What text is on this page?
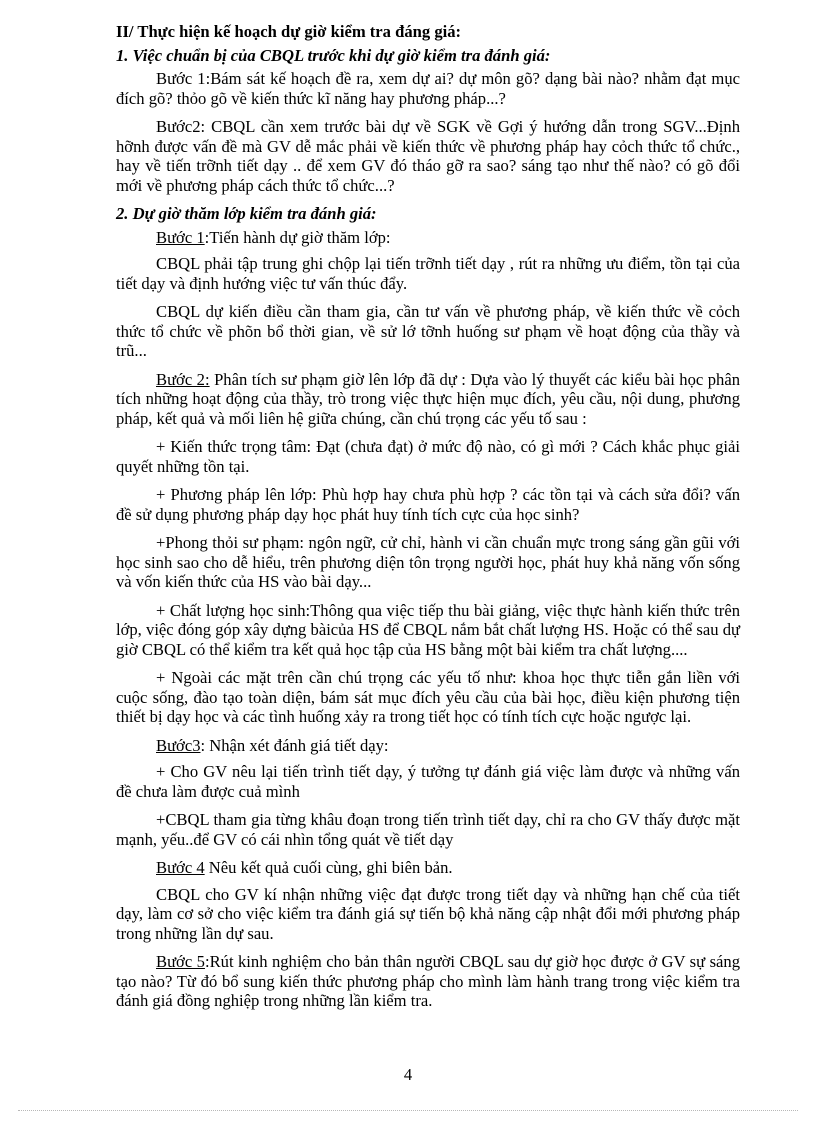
II/ Thực hiện kế hoạch dự giờ kiểm tra đáng giá:
1. Việc chuẩn bị của CBQL trước khi dự giờ kiểm tra đánh giá:

Bước 1:Bám sát kế hoạch đề ra, xem dự ai? dự môn gõ? dạng bài nào? nhằm đạt mục đích gõ? thỏo gõ về kiến thức kĩ năng hay phương pháp...?

Bước2: CBQL cần xem trước bài dự về SGK về Gợi ý hướng dẫn trong SGV...Định hỡnh được vấn đề mà GV dễ mắc phải về kiến thức về phương pháp hay cỏch thức tổ chức., hay về tiến trỡnh tiết dạy .. để xem GV đó tháo gỡ ra sao? sáng tạo như thế nào? có gõ đổi mới về phương pháp cách thức tổ chức...?

2. Dự giờ thăm lớp kiểm tra đánh giá:

Bước 1:Tiến hành dự giờ thăm lớp:

CBQL phải tập trung ghi chộp lại tiến trỡnh tiết dạy , rút ra những ưu điểm, tồn tại của tiết dạy và định hướng việc tư vấn thúc đẩy.

CBQL dự kiến điều cần tham gia, cần tư vấn về phương pháp, về kiến thức về cỏch thức tổ chức về phõn bổ thời gian, về sử lớ tỡnh huống sư phạm về hoạt động của thầy và trũ...

Bước 2: Phân tích sư phạm giờ lên lớp đã dự : Dựa vào lý thuyết các kiểu bài học phân tích những hoạt động của thầy, trò trong việc thực hiện mục đích, yêu cầu, nội dung, phương pháp, kết quả và mối liên hệ giữa chúng, cần chú trọng các yếu tố sau :

+ Kiến thức trọng tâm: Đạt (chưa đạt) ở mức độ nào, có gì mới ? Cách khắc phục giải quyết những tồn tại.

+ Phương pháp lên lớp: Phù hợp hay chưa phù hợp ? các tồn tại và cách sửa đổi? vấn đề sử dụng phương pháp dạy học phát huy tính tích cực của học sinh?

+Phong thỏi sư phạm: ngôn ngữ, cử chỉ, hành vi cần chuẩn mực trong sáng gần gũi với học sinh sao cho dễ hiểu, trên phương diện tôn trọng người học, phát huy khả năng vốn sống và vốn kiến thức của HS vào bài dạy...

+ Chất lượng học sinh:Thông qua việc tiếp thu bài giảng, việc thực hành kiến thức trên lớp, việc đóng góp xây dựng bàicủa HS để CBQL nắm bắt chất lượng HS. Hoặc có thể sau dự giờ CBQL có thể kiểm tra kết quả học tập của HS bằng một bài kiểm tra chất lượng....

+ Ngoài các mặt trên cần chú trọng các yếu tố như: khoa học thực tiễn gắn liền với cuộc sống, đào tạo toàn diện, bám sát mục đích yêu cầu của bài học, điều kiện phương tiện thiết bị dạy học và các tình huống xảy ra trong tiết học có tính tích cực hoặc ngược lại.

Bước3: Nhận xét đánh giá tiết dạy:

+ Cho GV nêu lại tiến trình tiết dạy, ý tưởng tự đánh giá việc làm được và những vấn đề chưa làm được cuả mình

+CBQL tham gia từng khâu đoạn trong tiến trình tiết dạy, chỉ ra cho GV thấy được mặt mạnh, yếu..để GV có cái nhìn tổng quát về tiết dạy

Bước 4 Nêu kết quả cuối cùng, ghi biên bản.

CBQL cho GV kí nhận những việc đạt được trong tiết dạy và những hạn chế của tiết dạy, làm cơ sở cho việc kiểm tra đánh giá sự tiến bộ khả năng cập nhật đổi mới phương pháp trong những lần dự sau.

Bước 5:Rút kinh nghiệm cho bản thân người CBQL sau dự giờ học được ở GV sự sáng tạo nào? Từ đó bổ sung kiến thức phương pháp cho mình làm hành trang trong việc kiểm tra đánh giá đồng nghiệp trong những lần kiểm tra.

4
